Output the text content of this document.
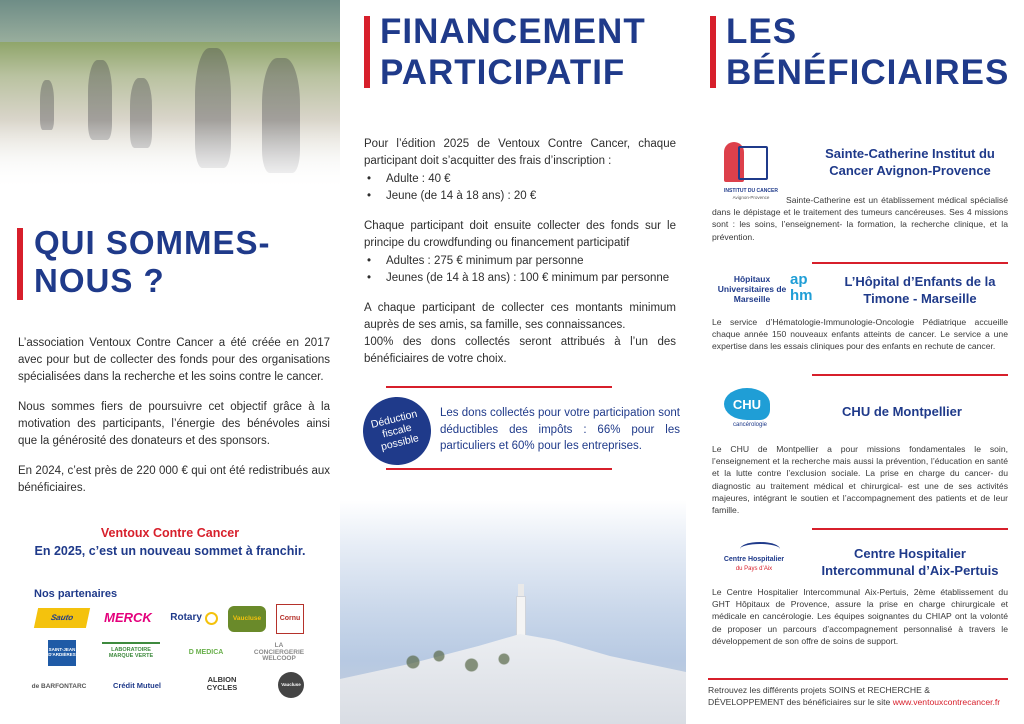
QUI SOMMES-
NOUS ?

L’association Ventoux Contre Cancer a été créée en 2017 avec pour but de collecter des fonds pour des organisations spécialisées dans la recherche et les soins contre le cancer.

Nous sommes fiers de poursuivre cet objectif grâce à la motivation des participants, l’énergie des bénévoles ainsi que la générosité des donateurs et des sponsors.

En 2024, c’est près de 220 000 € qui ont été redistribués aux bénéficiaires.

Ventoux Contre Cancer
En 2025, c’est un nouveau sommet à franchir.
Nos partenaires
Sauto MERCK Rotary
	Vaucluse	Cornu
SAINT-JEAN D'ARDIÈRES
LABORATOIRE MARQUE VERTE	D MEDICA
LA CONCIERGERIE WELCOOP
de BARFONTARC	Crédit Mutuel
ALBION CYCLES	Vaucluse
FINANCEMENT
PARTICIPATIF

Pour l’édition 2025 de Ventoux Contre Cancer, chaque participant doit s’acquitter des frais d’inscription :

• Adulte : 40 €
• Jeune (de 14 à 18 ans) : 20 €

Chaque participant doit ensuite collecter des fonds sur le principe du crowdfunding ou financement participatif

• Adultes : 275 € minimum par personne
• Jeunes (de 14 à 18 ans) : 100 € minimum par personne

A chaque participant de collecter ces montants minimum auprès de ses amis, sa famille, ses connaissances.

100% des dons collectés seront attribués à l’un des bénéficiaires de votre choix.

Déduction fiscale possible
Les dons collectés pour votre participation sont déductibles des impôts : 66% pour les particuliers et 60% pour les entreprises.
LES
BÉNÉFICIAIRES
INSTITUT DU CANCER
Avignon-Provence
Sainte-Catherine Institut du Cancer Avignon-Provence
Sainte-Catherine est un établissement médical spécialisé dans le dépistage et le traitement des tumeurs cancéreuses. Ses 4 missions sont : les soins, l’enseignement- la formation, la recherche clinique, et la prévention.
Hôpitaux Universitaires de Marseille
ap hm
L’Hôpital d’Enfants de la Timone - Marseille
Le service d’Hématologie-Immunologie-Oncologie Pédiatrique accueille chaque année 150 nouveaux enfants atteints de cancer. Le service a une expertise dans les essais cliniques pour des enfants en rechute de cancer.
CHU
cancérologie
CHU de Montpellier
Le CHU de Montpellier a pour missions fondamentales le soin, l’enseignement et la recherche mais aussi la prévention, l’éducation en santé et la lutte contre l’exclusion sociale. La prise en charge du cancer- du diagnostic au traitement médical et chirurgical- est une de ses activités majeures, intégrant le soutien et l’accompagnement des patients et de leur famille.
Centre Hospitalier
du Pays d’Aix
Centre Hospitalier Intercommunal d’Aix-Pertuis
Le Centre Hospitalier Intercommunal Aix-Pertuis, 2ème établissement du GHT Hôpitaux de Provence, assure la prise en charge chirurgicale et médicale en cancérologie. Les équipes soignantes du CHIAP ont la volonté de proposer un parcours d’accompagnement personnalisé à travers le développement de son offre de soins de support.
Retrouvez les différents projets SOINS et RECHERCHE & DÉVELOPPEMENT des bénéficiaires sur le site www.ventouxcontrecancer.fr
